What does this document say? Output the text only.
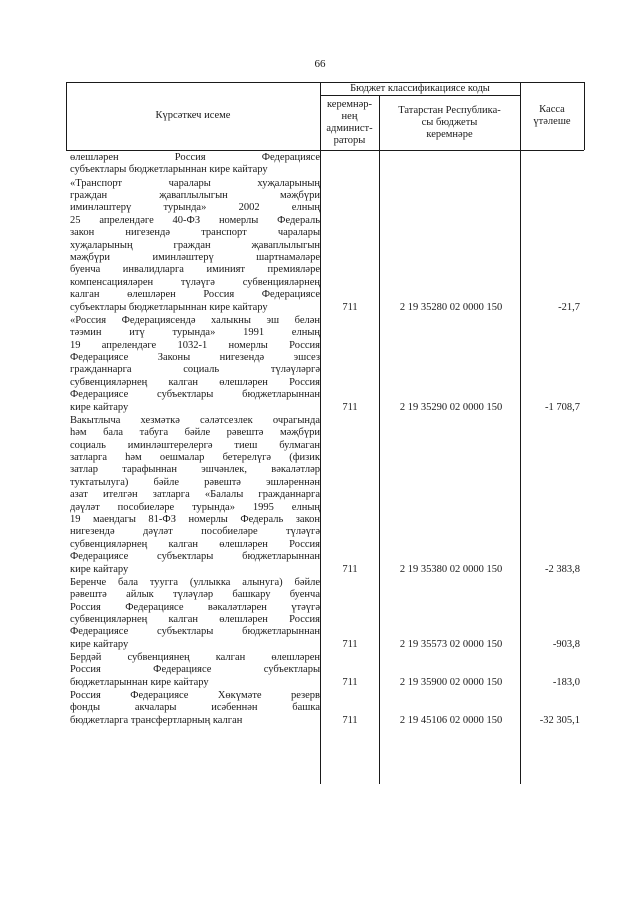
66
Күрсәткеч исеме
Бюджет классификациясе коды
керемнәр-
нең
админист-
раторы
Татарстан Республика-
сы бюджеты
керемнәре
Касса
үтәлеше
өлешләрен Россия Федерациясе
субъектлары бюджетларыннан кире кайтару
«Транспорт чаралары хуҗаларының
граждан җаваплылыгын мәҗбүри
иминләштерү турында» 2002 елның
25 апрелендәге 40-ФЗ номерлы Федераль
закон нигезендә транспорт чаралары
хуҗаларының граждан җаваплылыгын
мәҗбүри иминләштерү шартнамәләре
буенча инвалидларга иминият премияләре
компенсацияләрен түләүгә субвенцияләрнең
калган өлешләрен Россия Федерациясе
субъектлары бюджетларыннан кире кайтару	711	2 19 35280 02 0000 150	-21,7
«Россия Федерациясендә халыкны эш белән
тәэмин итү турында» 1991 елның
19 апрелендәге 1032-1 номерлы Россия
Федерациясе Законы нигезендә эшсез
гражданнарга социаль түләүләргә
субвенцияләрнең калган өлешләрен Россия
Федерациясе субъектлары бюджетларыннан
кире кайтару	711	2 19 35290 02 0000 150	-1 708,7
Вакытлыча хезмәткә сәләтсезлек очрагында
һәм бала табуга бәйле рәвештә мәҗбүри
социаль иминләштерелергә тиеш булмаган
затларга һәм оешмалар бетерелүгә (физик
затлар тарафыннан эшчәнлек, вәкаләтләр
туктатылуга) бәйле рәвештә эшләреннән
азат ителгән затларга «Балалы гражданнарга
дәүләт пособиеләре турында» 1995 елның
19 маендагы 81-ФЗ номерлы Федераль закон
нигезендә дәүләт пособиеләре түләүгә
субвенцияләрнең калган өлешләрен Россия
Федерациясе субъектлары бюджетларыннан
кире кайтару	711	2 19 35380 02 0000 150	-2 383,8
Беренче бала туугга (уллыкка алынуга) бәйле
рәвештә айлык түләүләр башкару буенча
Россия Федерациясе вәкаләтләрен үтәүгә
субвенцияләрнең калган өлешләрен Россия
Федерациясе субъектлары бюджетларыннан
кире кайтару	711	2 19 35573 02 0000 150	-903,8
Бердәй субвенциянең калган өлешләрен
Россия Федерациясе субъектлары
бюджетларыннан кире кайтару	711	2 19 35900 02 0000 150	-183,0
Россия Федерациясе Хөкүмәте резерв
фонды акчалары исәбеннән башка
бюджетларга трансфертларның калган	711	2 19 45106 02 0000 150	-32 305,1
